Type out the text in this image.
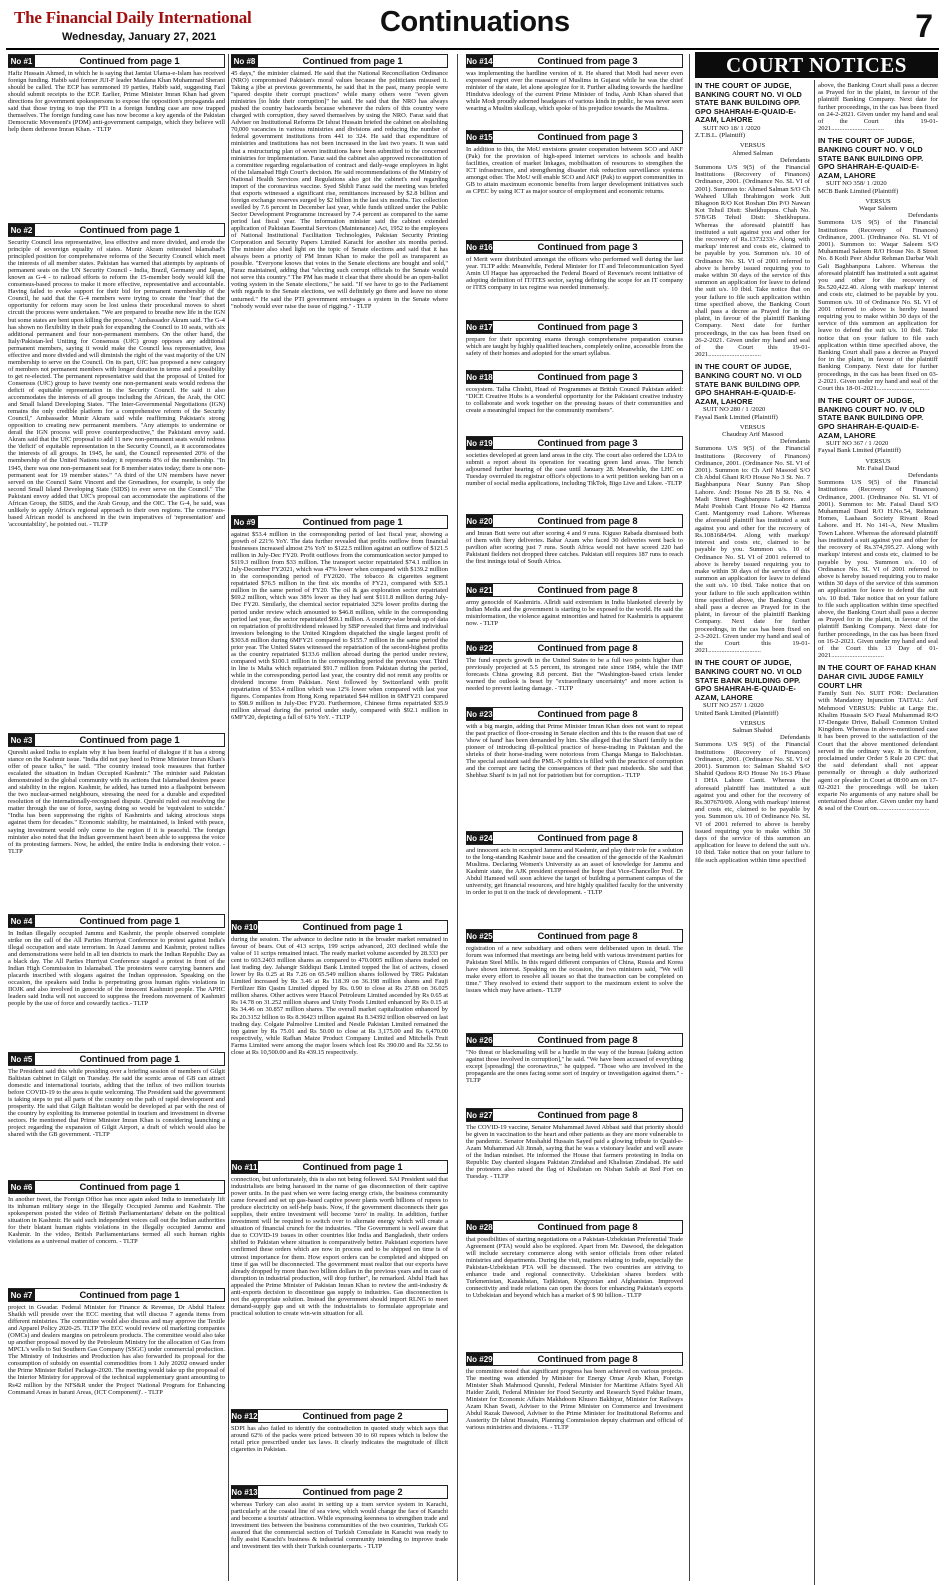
The Financial Daily International
Wednesday, January 27, 2021	Continuations	7
No #1	Continued from page 1
Hafiz Hussain Ahmed, in which he is saying that Jamiat Ulama-e-Islam has received foreign funding. Habib said former JUI-F leader Maulana Khan Muhammad Sherani should be called. The ECP has summoned 19 parties, Habib said, suggesting Fazl should submit receipts to the ECP. Earlier, Prime Minister Imran Khan had given directions for government spokespersons to expose the opposition's propaganda and said that those trying to trap the PTI in a foreign funding case are now trapped themselves. The foreign funding case has now become a key agenda of the Pakistan Democratic Movement's (PDM) anti-government campaign, which they believe will help them dethrone Imran Khan. - TLTP
No #2	Continued from page 1
Security Council less representative, less effective and more divided, and erode the principle of sovereign equality of states. Munir Akram reiterated Islamabad's principled position for comprehensive reforms of the Security Council which meet the interests of all member states. Pakistan has warned that attempts by aspirants of permanent seats on the UN Security Council - India, Brazil, Germany and Japan, known as G-4 - to railroad efforts to reform the 15-member body would kill the consensus-based process to make it more effective, representative and accountable. Having failed to evoke support for their bid for permanent membership of the Council, he said that the G-4 members were trying to create the 'fear' that the opportunity for reform may soon be lost unless their procedural moves to short circuit the process were undertaken. "We are prepared to breathe new life in the IGN but some states are bent upon killing the process," Ambassador Akram said. The G-4 has shown no flexibility in their push for expanding the Council to 10 seats, with six additional permanent and four non-permanent members. On the other hand, the Italy/Pakistan-led Uniting for Consensus (UfC) group opposes any additional permanent members, saying it would make the Council less representative, less effective and more divided and will diminish the right of the vast majority of the UN membership to serve on the Council. On its part, UfC has proposed a new category of members not permanent members with longer duration in terms and a possibility to get re-elected. The permanent representative said that the proposal of United for Consensus (UfC) group to have twenty one non-permanent seats would redress the deficit of equitable representation in the Security Council. He said it also accommodates the interests of all groups including the African, the Arab, the OIC and Small Island Developing States. "The Inter-Governmental Negotiations (IGN) remains the only credible platform for a comprehensive reform of the Security Council," Ambassador Munir Akram said while reaffirming Pakistan's strong opposition to creating new permanent members. "Any attempts to undermine or derail the IGN process will prove counterproductive," the Pakistani envoy said. Akram said that the UfC proposal to add 11 new non-permanent seats would redress the 'deficit' of equitable representation in the Security Council, as it accommodates the interests of all groups. In 1945, he said, the Council represented 20% of the membership of the United Nations today; it represents 8% of the membership. "In 1945, there was one non-permanent seat for 8 member states today; there is one non-permanent seat for 19 member states." "A third of the UN members have never served on the Council Saint Vincent and the Grenadines, for example, is only the second Small Island Developing State (SIDS) to ever serve on the Council." The Pakistani envoy added that UfC's proposal can accommodate the aspirations of the African Group, the SIDS, and the Arab Group, and the OIC. The G-4, he said, was unlikely to apply Africa's regional approach to their own regions. The consensus-based African model is anchored in the twin imperatives of 'representation' and 'accountability', he pointed out. - TLTP
No #3	Continued from page 1
Qureshi asked India to explain why it has been fearful of dialogue if it has a strong stance on the Kashmir issue. "India did not pay heed to Prime Minister Imran Khan's offer of peace talks," he said. "The country instead took measures that further escalated the situation in Indian Occupied Kashmir." The minister said Pakistan demonstrated to the global community with its actions that Islamabad desires peace and stability in the region. Kashmir, he added, has turned into a flashpoint between the two nuclear-armed neighbours, stressing the need for a durable and expedited resolution of the internationally-recognised dispute. Qureshi ruled out resolving the matter through the use of force, saying doing so would be 'equivalent to suicide.' "India has been suppressing the rights of Kashmiris and taking atrocious steps against them for decades." Economic stability, he maintained, is linked with peace, saying investment would only come to the region if it is peaceful. The foreign minister also noted that the Indian government hasn't been able to suppress the voice of its protesting farmers. Now, he added, the entire India is endorsing their voice. - TLTP
No #4	Continued from page 1
In Indian illegally occupied Jammu and Kashmir, the people observed complete strike on the call of the All Parties Hurriyat Conference to protest against India's illegal occupation and state terrorism. In Azad Jammu and Kashmir, protest rallies and demonstrations were held in all ten districts to mark the Indian Republic Day as a black day. The All Parties Hurriyat Conference staged a protest in front of the Indian High Commission in Islamabad. The protesters were carrying banners and placards inscribed with slogans against the Indian oppression. Speaking on the occasion, the speakers said India is perpetrating gross human rights violations in IIOJK and also involved in genocide of the innocent Kashmiri people. The APHC leaders said India will not succeed to suppress the freedom movement of Kashmiri people by the use of force and cowardly tactics.- TLTP
No #5	Continued from page 1
The President said this while presiding over a briefing session of members of Gilgit Baltistan cabinet in Gilgit on Tuesday. He said the scenic areas of GB can attract domestic and international tourists, adding that the influx of two million tourists before COVID-19 to the area is quite welcoming. The President said the government is taking steps to put all parts of the country on the path of rapid development and prosperity. He said that Gilgit Baltistan would be developed at par with the rest of the country by exploiting its immense potential in tourism and investment in diverse sectors. He mentioned that Prime Minister Imran Khan is considering launching a project regarding the expansion of Gilgit Airport, a draft of which would also be shared with the GB government. -TLTP
No #6	Continued from page 1
In another tweet, the Foreign Office has once again asked India to immediately lift its inhuman military siege in the Illegally Occupied Jammu and Kashmir. The spokesperson posted the video of British Parliamentarians' debate on the political situation in Kashmir. He said such independent voices call out the Indian authorities for their blatant human rights violations in the illegally occupied Jammu and Kashmir. In the video, British Parliamentarians termed all such human rights violations as a universal matter of concern. - TLTP
No #7	Continued from page 1
project in Gwadar. Federal Minister for Finance & Revenue, Dr Abdul Hafeez Shaikh will preside over the ECC meeting that will discuss 7 agenda items from different ministries. The committee would also discuss and may approve the Textile and Apparel Policy 2020-25. TLTP The ECC would review oil marketing companies (OMCs) and dealers margins on petroleum products. The committee would also take up another proposal moved by the Petroleum Ministry for the allocation of Gas from MPCL's wells to Sui Southern Gas Company (SSGC) under commercial production. The Ministry of Industries and Production has also forwarded its proposal for the consumption of subsidy on essential commodities from 1 July 20202 onward under the Prime Minister Relief Package-2020. The meeting would take up the proposal of the Interior Ministry for approval of the technical supplementary grant amounting to Rs42 million by the NFS&R under the Project 'National Program for Enhancing Command Areas in barani Areas, (ICT Component)'. - TLTP
No #8	Continued from page 1
45 days," the minister claimed. He said that the National Reconciliation Ordinance (NRO) compromised Pakistan's moral values because the politicians misused it. Taking a jibe at previous governments, he said that in the past, many people were "spared despite their corrupt practices" while many others were "even given ministries [to hide their corruption]" he said. He said that the NRO has always pushed the country backwards because whenever the rulers of this country were charged with corruption, they saved themselves by using the NRO. Faraz said that Adviser on Institutional Reforms Dr Ishrat Hussain briefed the cabinet on abolishing 70,000 vacancies in various ministries and divisions and reducing the number of federal government institutions from 441 to 324. He said that expenditure of ministries and institutions has not been increased in the last two years. It was said that a restructuring plan of seven institutions have been submitted to the concerned ministries for implementation. Faraz said the cabinet also approved reconstitution of a committee regarding regularisation of contract and daily-wage employees in light of the Islamabad High Court's decision. He said recommendations of the Ministry of National Health Services and Regulations also got the cabinet's nod regarding import of the coronavirus vaccine. Syed Shibli Faraz said the meeting was briefed that exports witnessed a significant rise, remittances increased by $2.8 billion and foreign exchange reserves surged by $2 billion in the last six months. Tax collection swelled by 7.6 percent in December last year, while funds utilized under the Public Sector Development Programme increased by 7.4 percent as compared to the same period last fiscal year. The information minister said the cabinet extended application of Pakistan Essential Services (Maintenance) Act, 1952 to the employees of National Institutional Facilitation Technologies, Pakistan Security Printing Corporation and Security Papers Limited Karachi for another six months period. The minister also shed light on the topic of Senate elections and said that it has always been a priority of PM Imran Khan to make the poll as transparent as possible. "Everyone knows that votes in the Senate elections are bought and sold," Faraz maintained, adding that "electing such corrupt officials to the Senate would not serve this country." The PM has made it clear that there should be an open-ballot voting system in the Senate elections," he said. "If we have to go to the Parliament with regards to the Senate elections, we will definitely go there and leave no stone unturned." He said the PTI government envisages a system in the Senate where "nobody would ever raise the issue of rigging." - TLTP
No #9	Continued from page 1
against $53.4 million in the corresponding period of last fiscal year, showing a growth of 221% YoY. The data further revealed that profits outflow from financial businesses increased almost 2% YoY to $122.5 million against an outflow of $121.5 million in July-Dec FY20. Profit outflows from the communication sector jumped to $119.3 million from $33 million. The transport sector repatriated $74.1 million in July-December FY2021, which was 47% lower when compared with $139.2 million in the corresponding period of FY2020. The tobacco & cigarettes segment repatriated $76.5 million in the first six months of FY21, compared with $35.1 million in the same period of FY20. The oil & gas exploration sector repatriated $69.2 million, which was 38% lower as they had sent $111.8 million during July-Dec FY20. Similarly, the chemical sector repatriated 32% lower profits during the period under review which amounted to $46.8 million, while in the corresponding period last year, the sector repatriated $69.1 million. A country-wise break up of data on repatriation of profit/dividend released by SBP revealed that firms and individual investors belonging to the United Kingdom dispatched the single largest profit of $303.8 million during 6MFY21 compared to $155.7 million in the same period the prior year. The United States witnessed the repatriation of the second-highest profits as the country repatriated $133.6 million abroad during the period under review, compared with $100.1 million in the corresponding period the previous year. Third in line is Malta which repatriated $91.7 million from Pakistan during the period, while in the corresponding period last year, the country did not remit any profits or dividend income from Pakistan. Next followed by Switzerland with profit repatriation of $53.4 million which was 12% lower when compared with last year figures. Companies from Hong Kong repatriated $44 million in 6MFY21 compared to $98.9 million in July-Dec FY20. Furthermore, Chinese firms repatriated $35.9 million abroad during the period under study, compared with $92.1 million in 6MFY20, depicting a fall of 61% YoY. - TLTP
No #10	Continued from page 1
during the session. The advance to decline ratio in the broader market remained in favour of bears. Out of 413 scrips, 199 scrips advanced, 203 declined while the value of 11 scrips remained intact. The ready market volume ascended by 28.333 per cent to 603.2403 million shares as compared to 470.0005 million shares traded on last trading day. Jahangir Siddiqui Bank Limited topped the list of actives, closed lower by Rs 0.25 at Rs 7.26 on 65.549 million shares followed by TRG Pakistan Limited increased by Rs 3.46 at Rs 118.39 on 36.198 million shares and Fauji Fertilizer Bin Qasim Limited dipped by Rs. 0.90 to close at Rs 27.88 on 36.025 million shares. Other actives were Hascol Petroleum Limited ascended by Rs 0.65 at Rs 14.78 on 31.252 million shares and Unity Foods Limited enhanced by Rs 0.15 at Rs 34.46 on 30.857 million shares. The overall market capitalization enhanced by Rs 20.3152 billion to Rs 8.36423 trillion against Rs 8.34392 trillion observed on last trading day. Colgate Palmolive Limited and Nestle Pakistan Limited remained the top gainer by Rs 75.01 and Rs 50.00 to close at Rs 3,175.00 and Rs 6,470.00 respectively, while Rafhan Maize Product Company Limited and Mitchells Fruit Farms Limited were among the major losers which lost Rs 390.00 and Rs 32.56 to close at Rs 10,500.00 and Rs 439.15 respectively.
No #11	Continued from page 1
connection, but unfortunately, this is also not being followed. SAI President said that industrialists are being harassed in the name of gas disconnection of their captive power units. In the past when we were facing energy crisis, the business community came forward and set up gas-based captive power plants worth billions of rupees to produce electricity on self-help basis. Now, if the government disconnects their gas supplies, their entire investment will become 'zero' in reality. In addition, further investment will be required to switch over to alternate energy which will create a situation of financial crunch for the industries. "The Government is well aware that due to COVID-19 issues in other countries like India and Bangladesh, their orders shifted to Pakistan where situation is comparatively better. Pakistani exporters have confirmed these orders which are now in process and to be shipped on time is of utmost importance for them. How export orders can be completed and shipped on time if gas will be disconnected. The government must realize that our exports have already dropped by more than two billion dollars in the previous years and in case of disruption in industrial production, will drop further", he remarked. Abdul Hadi has appealed the Prime Minister of Pakistan Imran Khan to review the anti-industry & anti-exports decision to discontinue gas supply to industries. Gas disconnection is not the appropriate solution. Instead the government should import RLNG to meet demand-supply gap and sit with the industrialists to formulate appropriate and practical solution to create win-win situation for all.
No #12	Continued from page 2
SDPI has also failed to identify the contradiction in quoted study which says that around 62% of the packs were priced between 30 to 60 rupees which is below the retail price prescribed under tax laws. It clearly indicates the magnitude of illicit cigarettes in Pakistan.
No #13	Continued from page 2
whereas Turkey can also assist in setting up a tram service system in Karachi, particularly at the coastal line of sea view, which would change the face of Karachi and become a tourists' attraction. While expressing keenness to strengthen trade and investment ties between the business communities of the two countries, Turkish CG assured that the commercial section of Turkish Consulate in Karachi was ready to fully assist Karachi's business & industrial community intending to improve trade and investment ties with their Turkish counterparts. - TLTP
No #14	Continued from page 3
was implementing the hardline version of it. He shared that Modi had never even expressed regret over the massacre of Muslims in Gujarat while he was the chief minister of the state, let alone apologize for it. Further alluding towards the hardline Hindutva ideology of the current Prime Minister of India, Amb Khan shared that while Modi proudly adorned headgears of various kinds in public, he was never seen wearing a Muslim skullcap, which spoke of his prejudice towards the Muslims.
No #15	Continued from page 3
In addition to this, the MoU envisions greater cooperation between SCO and AKF (Pak) for the provision of high-speed internet services to schools and health facilities, creation of market linkages, mobilisation of resources to strengthen the ICT infrastructure, and strengthening disaster risk reduction surveillance systems amongst other. The MoU will enable SCO and AKF (Pak) to support communities in GB to attain maximum economic benefits from larger development initiatives such as CPEC by using ICT as major source of employment and economic returns.
No #16	Continued from page 3
of Merit were distributed amongst the officers who performed well during the last year. TLTP adds: Meanwhile, Federal Minister for IT and Telecommunication Syed Amin Ul Haque has approached the Federal Board of Revenue's recent initiative of adopting definition of IT/ITES sector, saying defining the scope for an IT company or ITES company in tax regime was needed immensely.
No #17	Continued from page 3
prepare for their upcoming exams through comprehensive preparation courses which are taught by highly qualified teachers, completely online, accessible from the safety of their homes and adopted for the smart syllabus.
No #18	Continued from page 3
ecosystem. Talha Chishti, Head of Programmes at British Council Pakistan added: "DICE Creative Hubs is a wonderful opportunity for the Pakistani creative industry to collaborate and work together on the pressing issues of their communities and create a meaningful impact for the community members".
No #19	Continued from page 3
societies developed at green land areas in the city. The court also ordered the LDA to submit a report about its operation for vacating green land areas. The bench adjourned further hearing of the case until January 28. Meanwhile, the LHC on Tuesday overruled its registrar office's objections to a writ petition seeking ban on a number of social media applications, including TikTok, Bigo Live and Likee. -TLTP
No #20	Continued from page 8
and Imran Butt were out after scoring 4 and 9 runs. Kiguso Rabada dismissed both of them with fiery deliveries. Babar Azam who faced 30 deliveries went back to pavilion after scoring just 7 runs. South Africa would not have scored 220 had Pakistani fielders not dropped three catches. Pakistan still requires 187 runs to reach the first innings total of South Africa.
No #21	Continued from page 8
army genocide of Kashmiris. Allridi said extremism in India blanketed cleverly by Indian Media and the government is starting to be exposed to the world. He said the misinformation, the violence against minorities and hatred for Kashmiris is apparent now. - TLTP
No #22	Continued from page 8
The fund expects growth in the United States to be a full two points higher than previously projected at 5.5 percent, its strongest rate since 1984, while the IMF forecasts China growing 8.8 percent. But the "Washington-based crisis lender warned the outlook is beset by "extraordinary uncertainty" and more action is needed to prevent lasting damage. - TLTP
No #23	Continued from page 8
with a big margin, adding that Prime Minister Imran Khan does not want to repeat the past practice of floor-crossing in Senate election and this is the reason that use of 'show of hand' has been demanded by him. She alleged that the Sharif family is the pioneer of introducing ill-political practice of horse-trading in Pakistan and the shrieks of their horse-trading were notorious from Changa Manga to Balochistan. The special assistant said the PML-N politics is filled with the practice of corruption and the corrupt are facing the consequences of their past misdeeds. She said that Shehbaz Sharif is in jail not for patriotism but for corruption.- TLTP
No #24	Continued from page 8
and innocent acts in occupied Jammu and Kashmir, and play their role for a solution to the long-standing Kashmir issue and the cessation of the genocide of the Kashmiri Muslims. Declaring Women's University as an asset of knowledge for Jammu and Kashmir state, the AJK president expressed the hope that Vice-Chancellor Prof. Dr Abdul Hameed will soon achieve the target of building a permanent campus of the university, get financial resources, and hire highly qualified faculty for the university in order to put it on the track of development. - TLTP
No #25	Continued from page 8
registration of a new subsidiary and others were deliberated upon in detail. The forum was informed that meetings are being held with various investment parties for Pakistan Steel Mills. In this regard different companies of China, Russia and Korea have shown interest. Speaking on the occasion, the two ministers said, "We will make every effort to resolve all issues so that the transaction can be completed on time." They resolved to extend their support to the maximum extent to solve the issues which may have arisen.- TLTP
No #26	Continued from page 8
"No threat or blackmailing will be a hurdle in the way of the bureau [taking action against those involved in corruption]," he said. "We have been accused of everything except [spreading] the coronavirus," he quipped. "Those who are involved in the propaganda are the ones facing some sort of inquiry or investigation against them." - TLTP
No #27	Continued from page 8
The COVID-19 vaccine, Senator Muhammad Javed Abbasi said that priority should be given in vaccination to the heart and other patients as they are more vulnerable to the pandemic. Senator Mushahid Hussain Sayed paid a glowing tribute to Quaid-e-Azam Muhammad Ali Jinnah, saying that he was a visionary leader and well aware of the Indian mindset. He informed the House that farmers protesting in India on Republic Day chanted slogans Pakistan Zindabad and Khalistan Zindabad. He said the protesters also raised the flag of Khalistan on Nishan Sahib at Red Fort on Tuesday. - TLTP
No #28	Continued from page 8
that possibilities of starting negotiations on a Pakistan-Uzbekistan Preferential Trade Agreement (PTA) would also be explored. Apart from Mr. Dawood, the delegation will include secretary commerce along with senior officials from other related ministries and departments. During the visit, matters relating to trade, especially the Pakistan-Uzbekistan PTA will be discussed. The two countries are striving to enhance trade and regional connectivity. Uzbekistan shares borders with Turkmenistan, Kazakhstan, Tajikistan, Kyrgyzstan and Afghanistan. Improved connectivity and trade relations can open the doors for enhancing Pakistan's exports to Uzbekistan and beyond which has a market of $ 90 billion.- TLTP
No #29	Continued from page 8
the committee noted that significant progress has been achieved on various projects. The meeting was attended by Minister for Energy Omar Ayub Khan, Foreign Minister Shah Mahmood Qureshi, Federal Minister for Maritime Affairs Syed Ali Haider Zaidi, Federal Minister for Food Security and Research Syed Fakhar Imam, Minister for Economic Affairs Makhdoom Khusro Bakhtyar, Minister for Railways Azam Khan Swati, Adviser to the Prime Minister on Commerce and Investment Abdul Razak Dawood, Adviser to the Prime Minister for Institutional Reforms and Austerity Dr Ishrat Hussain, Planning Commission deputy chairman and official of various ministries and divisions. - TLTP
COURT NOTICES
IN THE COURT OF JUDGE, BANKING COURT NO. VI OLD STATE BANK BUILDING OPP. GPO SHAHRAH-E-QUAID-E-AZAM, LAHORE
SUIT NO 18/ 1 /2020
Z.T.B.L. (Plaintiff)
VERSUS
Ahmed Salman
Defendants
Summons U/S 9(5) of the Financial Institutions (Recovery of Finances) Ordinance, 2001. (Ordinance No. SL VI of 2001). Summon to: Ahmed Salman S/O Ch Waheed Ullah Ibrahimgon work Jutt Bhagoon R/O Kot Roshan Din P/O Nawan Kot Tehsil Distt: Sheikhupura. Chah No. 578/GB Tehsil Distt: Sheikhupura. Whereas the aforesaid plaintiff has instituted a suit against you and other for the recovery of Rs.1373233/- Along with markup/ interest and costs etc, claimed to be payable by you. Summon u/s. 10 of Ordinance No. SL VI of 2001 referred to above is hereby issued requiring you to make within 30 days of the service of this summon an application for leave to defend the suit u/s. 10 ibid. Take notice that on your failure to file such application within time specified above, the Banking Court shall pass a decree as Prayed for in the plaint, in favour of the plaintiff Banking Company. Next date for further proceedings, in the cas has been fixed on 26-2-2021. Given under my hand and seal of the Court this 19-01-2021................................
IN THE COURT OF JUDGE, BANKING COURT NO. VI OLD STATE BANK BUILDING OPP. GPO SHAHRAH-E-QUAID-E-AZAM, LAHORE
SUIT NO 280 / 1 /2020
Faysal Bank Limited (Plaintiff)
VERSUS
Chaudray Arif Masood
Defendants
Summons U/S 9(5) of the Financial Institutions (Recovery of Finances) Ordinance, 2001. (Ordinance No. SL VI of 2001). Summon to: Ch Arif Masood S/O Ch Abdul Ghani R/O House No 3 St. No. 7 Baghbanpura Near Sunny Pan Shop Lahore. And: House No 28 B St. No. 4 Madi Street Baghbanpura Lahore. and Mahi Poshish Cant House No 42 Hamza Cant. Mantgomry road Lahore. Whereas the aforesaid plaintiff has instituted a suit against you and other for the recovery of Rs.1081684/94. Along with markup/ interest and costs etc, claimed to be payable by you. Summon u/s. 10 of Ordinance No. SL VI of 2001 referred to above is hereby issued requiring you to make within 30 days of the service of this summon an application for leave to defend the suit u/s. 10 ibid. Take notice that on your failure to file such application within time specified above, the Banking Court shall pass a decree as Prayed for in the plaint, in favour of the plaintiff Banking Company. Next date for further proceedings, in the cas has been fixed on 2-3-2021. Given under my hand and seal of the Court this 19-01-2021................................
IN THE COURT OF JUDGE, BANKING COURT NO. VI OLD STATE BANK BUILDING OPP. GPO SHAHRAH-E-QUAID-E-AZAM, LAHORE
SUIT NO 257/ 1 /2020
United Bank Limited (Plaintiff)
VERSUS
Salman Shahid
Defendants
Summons U/S 9(5) of the Financial Institutions (Recovery of Finances) Ordinance, 2001. (Ordinance No. SL VI of 2001). Summon to: Salman Shahid S/O Shahid Qudoos R/O House No 16-3 Phase I DHA Lahore Cantt. Whereas the aforesaid plaintiff has instituted a suit against you and other for the recovery of Rs.307670/09. Along with markup/ interest and costs etc, claimed to be payable by you. Summon u/s. 10 of Ordinance No. SL VI of 2001 referred to above is hereby issued requiring you to make within 30 days of the service of this summon an application for leave to defend the suit u/s. 10 ibid. Take notice that on your failure to file such application within time specified
above, the Banking Court shall pass a decree as Prayed for in the plaint, in favour of the plaintiff Banking Company. Next date for further proceedings, in the cas has been fixed on 24-2-2021. Given under my hand and seal of the Court this 19-01-2021................................
IN THE COURT OF JUDGE, BANKING COURT NO. V OLD STATE BANK BUILDING OPP. GPO SHAHRAH-E-QUAID-E-AZAM, LAHORE
SUIT NO 358/ 1 /2020
MCB Bank Limited (Plaintiff)
VERSUS
Waqar Saleem
Defendants
Summons U/S 9(5) of the Financial Institutions (Recovery of Finances) Ordinance, 2001. (Ordinance No. SL VI of 2001). Summon to: Waqar Saleem S/O Muhammad Saleem R/O House No. 8 Street No. 8 Kotli Peer Abdur Rehman Darbar Wali Gali Baghbanpura Lahore. Whereas the aforesaid plaintiff has instituted a suit against you and other for the recovery of Rs.520,422.40. Along with markup/ interest and costs etc, claimed to be payable by you. Summon u/s. 10 of Ordinance No. SL VI of 2001 referred to above is hereby issued requiring you to make within 30 days of the service of this summon an application for leave to defend the suit u/s. 10 ibid. Take notice that on your failure to file such application within time specified above, the Banking Court shall pass a decree as Prayed for in the plaint, in favour of the plaintiff Banking Company. Next date for further proceedings, in the cas has been fixed on 03-2-2021. Given under my hand and seal of the Court this 18-01-2021................................
IN THE COURT OF JUDGE, BANKING COURT NO. IV OLD STATE BANK BUILDING OPP. GPO SHAHRAH-E-QUAID-E-AZAM, LAHORE
SUIT NO 367 / 1 /2020
Faysal Bank Limited (Plaintiff)
VERSUS
Mr. Faisal Daud
Defendants
Summons U/S 9(5) of the Financial Institutions (Recovery of Finances) Ordinance, 2001. (Ordinance No. SL VI of 2001). Summon to: Mr. Faisal Daud S/O Muhammad Daud R/O H.No.54, Rehman Homes, Lashaan Society Rivant Road Lahore. and H. No 141-A, New Muslim Town Lahore. Whereas the aforesaid plaintiff has instituted a suit against you and other for the recovery of Rs.374,595.27. Along with markup/ interest and costs etc, claimed to be payable by you. Summon u/s. 10 of Ordinance No. SL VI of 2001 referred to above is hereby issued requiring you to make within 30 days of the service of this summon an application for leave to defend the suit u/s. 10 ibid. Take notice that on your failure to file such application within time specified above, the Banking Court shall pass a decree as Prayed for in the plaint, in favour of the plaintiff Banking Company. Next date for further proceedings, in the cas has been fixed on 16-2-2021. Given under my hand and seal of the Court this 13 Day of 01-2021................................
IN THE COURT OF FAHAD KHAN DAHAR CIVIL JUDGE FAMILY COURT LHR
Family Suit No. SUIT FOR: Declaration with Mandatory Injunction TAITAL: Arif Mehmood VERSUS: Public at Large Etc. Khalim Hussain S/O Fazal Muhammad R/O 17-Dengate Drive, Balsall Common United Kingdom. Whereas in above-mentioned case it has been proved to the satisfaction of the Court that the above mentioned defendant served in the ordinary way. It is therefore, proclaimed under Order 5 Rule 20 CPC that the said defendant shall not appear personally or through a duly authorized agent or pleader in Court at 08:00 am on 17-02-2021 the proceedings will be taken exparte No arguments of any nature shall be entertained those after. Given under my hand & seal of the Court on................................
